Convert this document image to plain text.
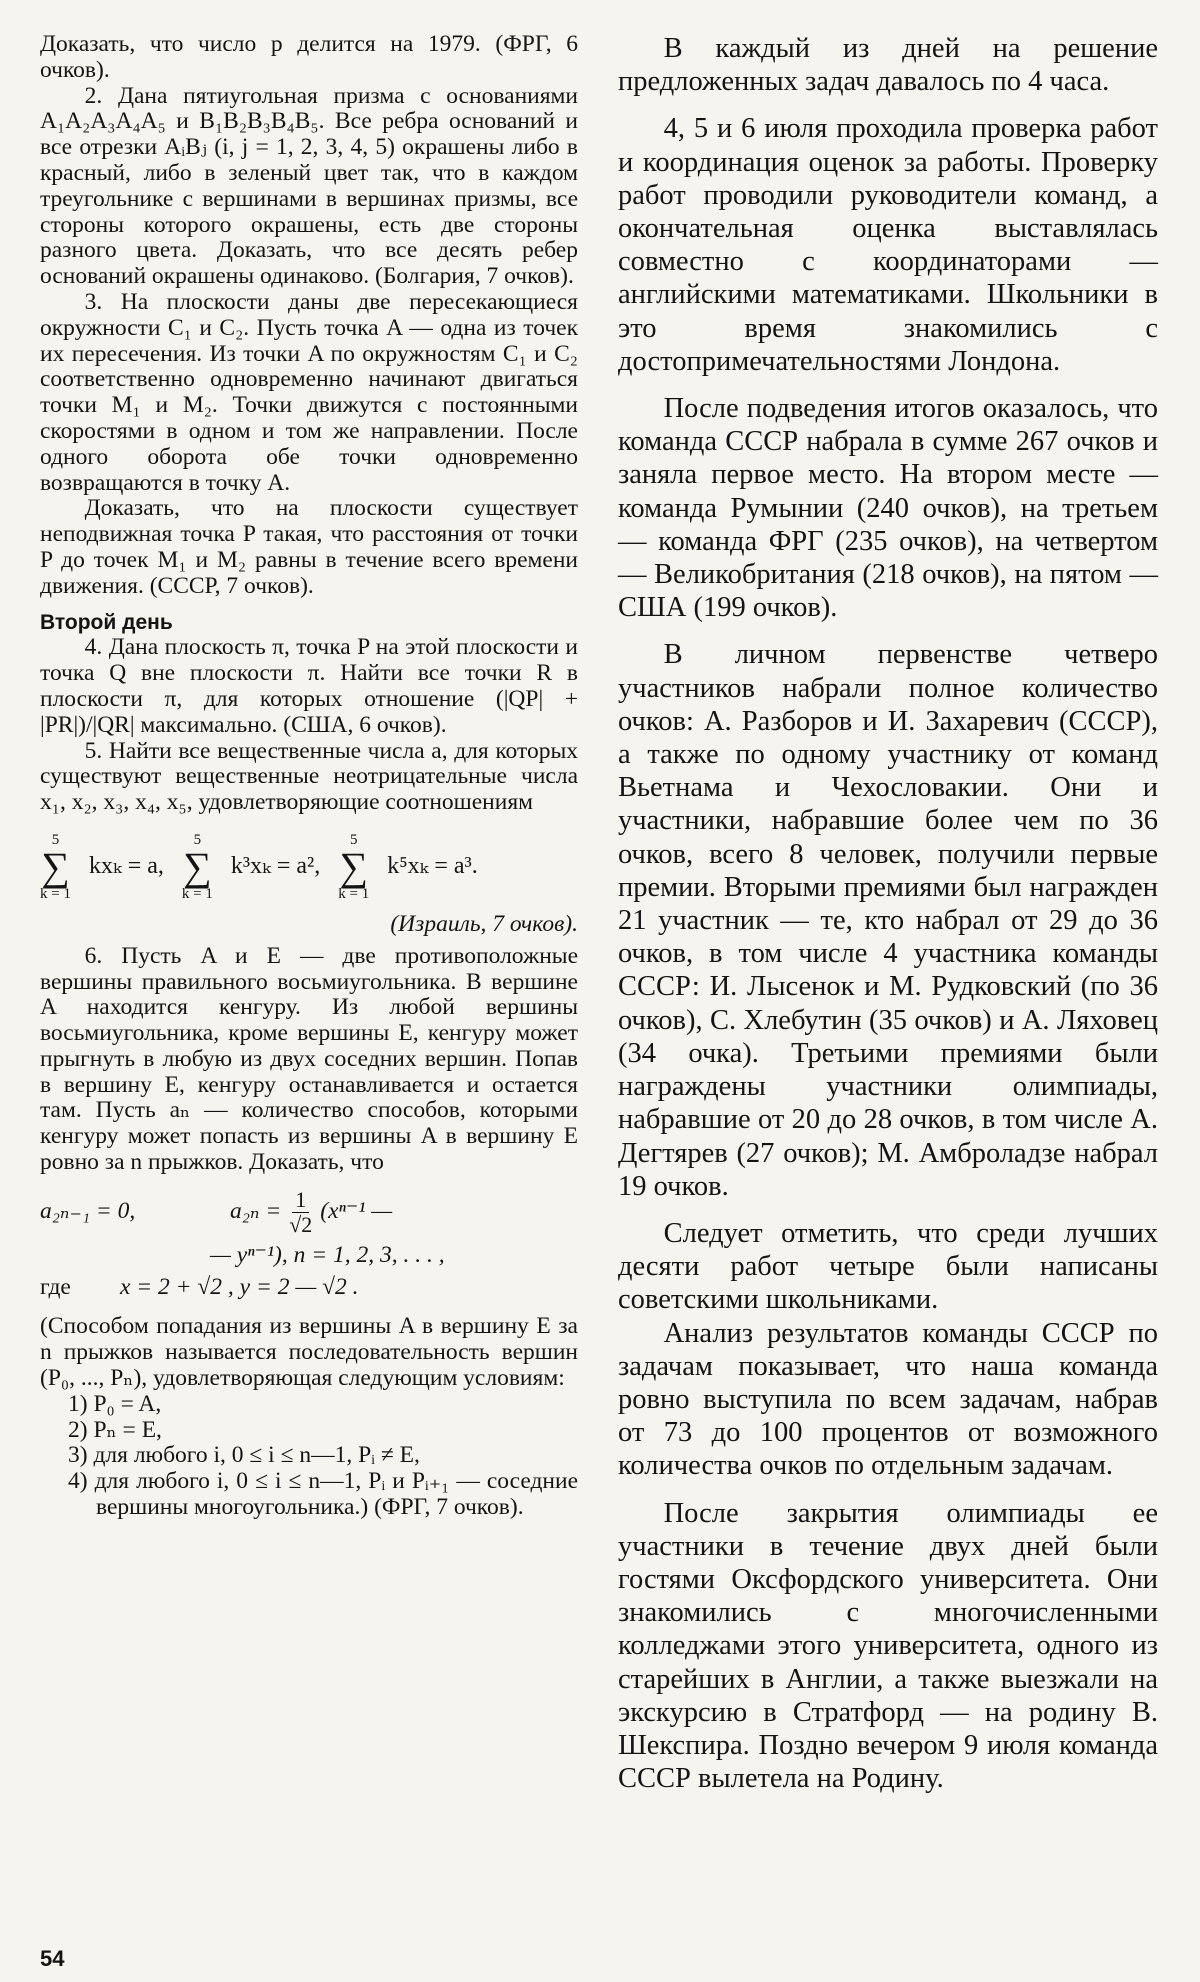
Доказать, что число p делится на 1979. (ФРГ, 6 очков).

2. Дана пятиугольная призма с основаниями A₁A₂A₃A₄A₅ и B₁B₂B₃B₄B₅. Все ребра оснований и все отрезки AᵢBⱼ (i, j = 1, 2, 3, 4, 5) окрашены либо в красный, либо в зеленый цвет так, что в каждом треугольнике с вершинами в вершинах призмы, все стороны которого окрашены, есть две стороны разного цвета. Доказать, что все десять ребер оснований окрашены одинаково. (Болгария, 7 очков).

3. На плоскости даны две пересекающиеся окружности C₁ и C₂. Пусть точка A — одна из точек их пересечения. Из точки A по окружностям C₁ и C₂ соответственно одновременно начинают двигаться точки M₁ и M₂. Точки движутся с постоянными скоростями в одном и том же направлении. После одного оборота обе точки одновременно возвращаются в точку A.

Доказать, что на плоскости существует неподвижная точка P такая, что расстояния от точки P до точек M₁ и M₂ равны в течение всего времени движения. (СССР, 7 очков).

Второй день

4. Дана плоскость π, точка P на этой плоскости и точка Q вне плоскости π. Найти все точки R в плоскости π, для которых отношение (|QP| + |PR|)/|QR| максимально. (США, 6 очков).

5. Найти все вещественные числа a, для которых существуют вещественные неотрицательные числа x₁, x₂, x₃, x₄, x₅, удовлетворяющие соотношениям

5
∑
k = 1
kxₖ = a,
5
∑
k = 1
k³xₖ = a²,
5
∑
k = 1
k⁵xₖ = a³.
(Израиль, 7 очков).

6. Пусть A и E — две противоположные вершины правильного восьмиугольника. В вершине A находится кенгуру. Из любой вершины восьмиугольника, кроме вершины E, кенгуру может прыгнуть в любую из двух соседних вершин. Попав в вершину E, кенгуру останавливается и остается там. Пусть aₙ — количество способов, которыми кенгуру может попасть из вершины A в вершину E ровно за n прыжков. Доказать, что

a₂ₙ₋₁ = 0,	$a_{2n} = \frac{1}{√2} (x^{n-1}$ —
— yⁿ⁻¹), n = 1, 2, 3, . . . ,
где	x = 2 + √2 , y = 2 — √2 .

(Способом попадания из вершины A в вершину E за n прыжков называется последовательность вершин (P₀, ..., Pₙ), удовлетворяющая следующим условиям:

1) P₀ = A,

2) Pₙ = E,

3) для любого i, 0 ≤ i ≤ n—1, Pᵢ ≠ E,

4) для любого i, 0 ≤ i ≤ n—1, Pᵢ и Pᵢ₊₁ — соседние вершины многоугольника.) (ФРГ, 7 очков).

В каждый из дней на решение предложенных задач давалось по 4 часа.

4, 5 и 6 июля проходила проверка работ и координация оценок за работы. Проверку работ проводили руководители команд, а окончательная оценка выставлялась совместно с координаторами — английскими математиками. Школьники в это время знакомились с достопримечательностями Лондона.

После подведения итогов оказалось, что команда СССР набрала в сумме 267 очков и заняла первое место. На втором месте — команда Румынии (240 очков), на третьем — команда ФРГ (235 очков), на четвертом — Великобритания (218 очков), на пятом — США (199 очков).

В личном первенстве четверо участников набрали полное количество очков: А. Разборов и И. Захаревич (СССР), а также по одному участнику от команд Вьетнама и Чехословакии. Они и участники, набравшие более чем по 36 очков, всего 8 человек, получили первые премии. Вторыми премиями был награжден 21 участник — те, кто набрал от 29 до 36 очков, в том числе 4 участника команды СССР: И. Лысенок и М. Рудковский (по 36 очков), С. Хлебутин (35 очков) и А. Ляховец (34 очка). Третьими премиями были награждены участники олимпиады, набравшие от 20 до 28 очков, в том числе А. Дегтярев (27 очков); М. Амброладзе набрал 19 очков.

Следует отметить, что среди лучших десяти работ четыре были написаны советскими школьниками.

Анализ результатов команды СССР по задачам показывает, что наша команда ровно выступила по всем задачам, набрав от 73 до 100 процентов от возможного количества очков по отдельным задачам.

После закрытия олимпиады ее участники в течение двух дней были гостями Оксфордского университета. Они знакомились с многочисленными колледжами этого университета, одного из старейших в Англии, а также выезжали на экскурсию в Стратфорд — на родину В. Шекспира. Поздно вечером 9 июля команда СССР вылетела на Родину.

54
